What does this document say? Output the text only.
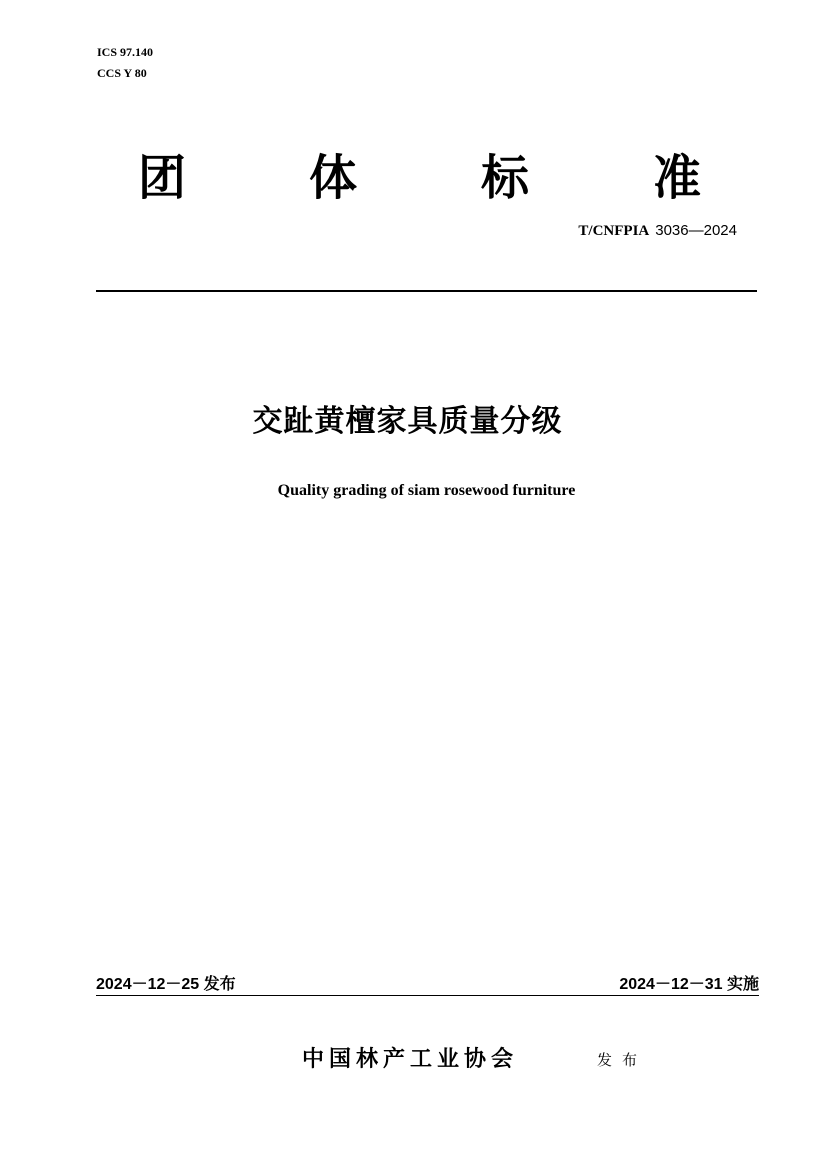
ICS 97.140
CCS Y 80
团	体	标	准
T/CNFPIA 3036—2024
交趾黄檀家具质量分级
Quality grading of siam rosewood furniture
2024－12－25 发布	2024－12－31 实施
中国林产工业协会	发布
